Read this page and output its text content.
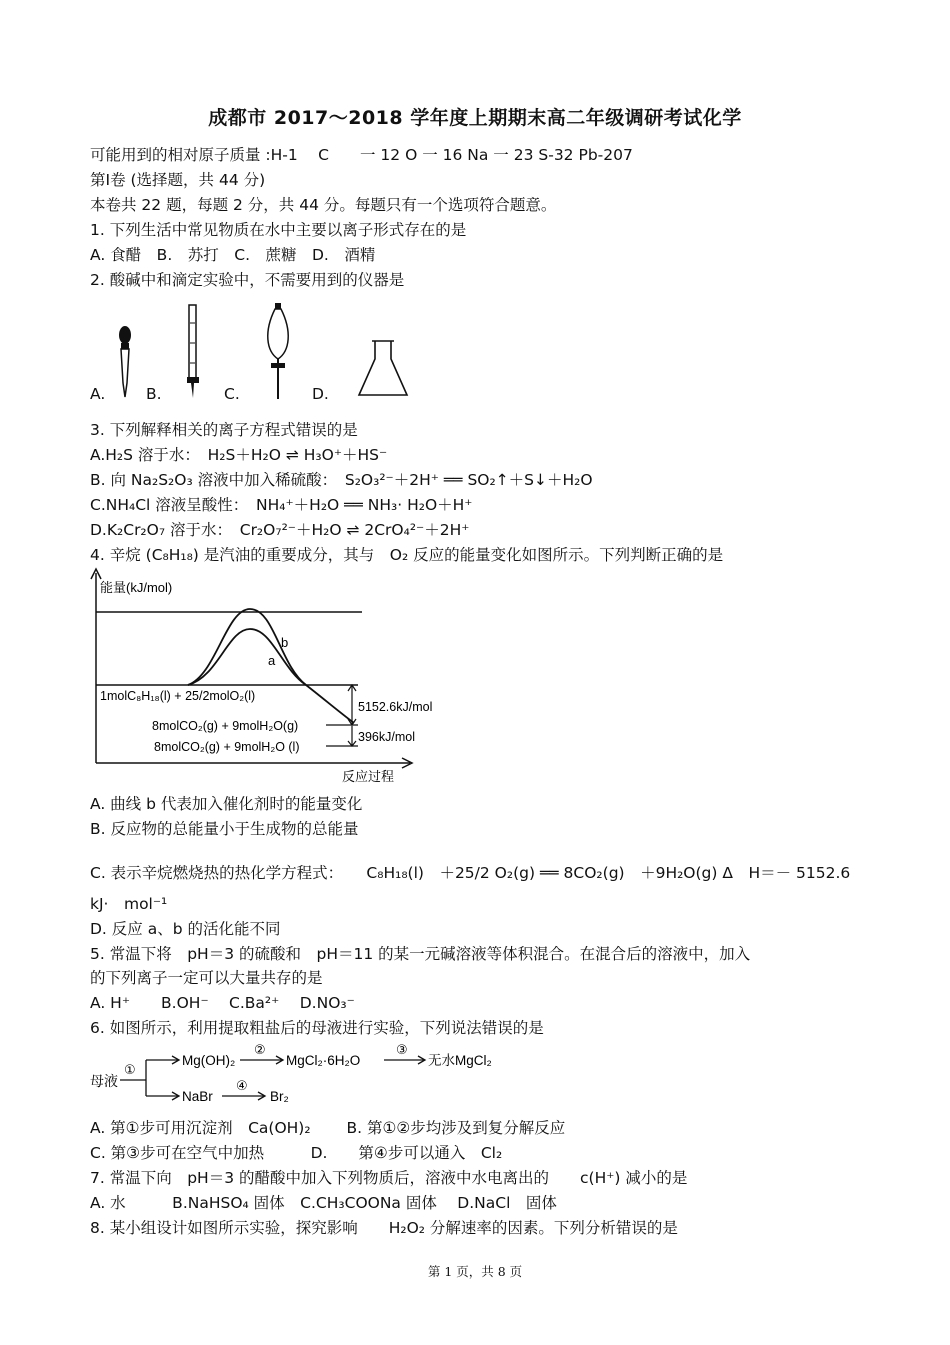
成都市 2017～2018 学年度上期期末高二年级调研考试化学
可能用到的相对原子质量 :H-1　 C　　一 12 O 一 16 Na 一 23 S-32 Pb-207
第Ⅰ卷 (选择题，共 44 分)
本卷共 22 题，每题 2 分，共 44 分。每题只有一个选项符合题意。
1. 下列生活中常见物质在水中主要以离子形式存在的是
A. 食醋　B.　苏打　C.　蔗糖　D.　酒精
2. 酸碱中和滴定实验中，不需要用到的仪器是
A.	B.	C.	D.
3. 下列解释相关的离子方程式错误的是
A.H₂S 溶于水：　H₂S＋H₂O ⇌ H₃O⁺＋HS⁻
B. 向 Na₂S₂O₃ 溶液中加入稀硫酸：　S₂O₃²⁻＋2H⁺ ══ SO₂↑＋S↓＋H₂O
C.NH₄Cl 溶液呈酸性：　NH₄⁺＋H₂O ══ NH₃· H₂O＋H⁺
D.K₂Cr₂O₇ 溶于水：　Cr₂O₇²⁻＋H₂O ⇌ 2CrO₄²⁻＋2H⁺
4. 辛烷 (C₈H₁₈) 是汽油的重要成分，其与　O₂ 反应的能量变化如图所示。下列判断正确的是
能量(kJ/mol)
反应过程
b
a
1molC₈H₁₈(l) + 25/2molO₂(l)
8molCO₂(g) + 9molH₂O(g)
8molCO₂(g) + 9molH₂O (l)
5152.6kJ/mol
396kJ/mol
A. 曲线 b 代表加入催化剂时的能量变化
B. 反应物的总能量小于生成物的总能量
C. 表示辛烷燃烧热的热化学方程式：　　C₈H₁₈(l)　＋25/2 O₂(g) ══ 8CO₂(g)　＋9H₂O(g) Δ　H＝－ 5152.6
kJ·　mol⁻¹
D. 反应 a、b 的活化能不同
5. 常温下将　pH＝3 的硫酸和　pH＝11 的某一元碱溶液等体积混合。在混合后的溶液中，加入
的下列离子一定可以大量共存的是
A. H⁺　　B.OH⁻　 C.Ba²⁺　 D.NO₃⁻
6. 如图所示，利用提取粗盐后的母液进行实验，下列说法错误的是
母液
①
Mg(OH)₂
②
MgCl₂·6H₂O
③
无水MgCl₂
NaBr
④
Br₂
A. 第①步可用沉淀剂　Ca(OH)₂　　 B. 第①②步均涉及到复分解反应
C. 第③步可在空气中加热　　　D.　　第④步可以通入　Cl₂
7. 常温下向　pH＝3 的醋酸中加入下列物质后，溶液中水电离出的　　c(H⁺) 减小的是
A. 水　　　B.NaHSO₄ 固体　C.CH₃COONa 固体　 D.NaCl　固体
8. 某小组设计如图所示实验，探究影响　　H₂O₂ 分解速率的因素。下列分析错误的是
第 1 页，共 8 页
